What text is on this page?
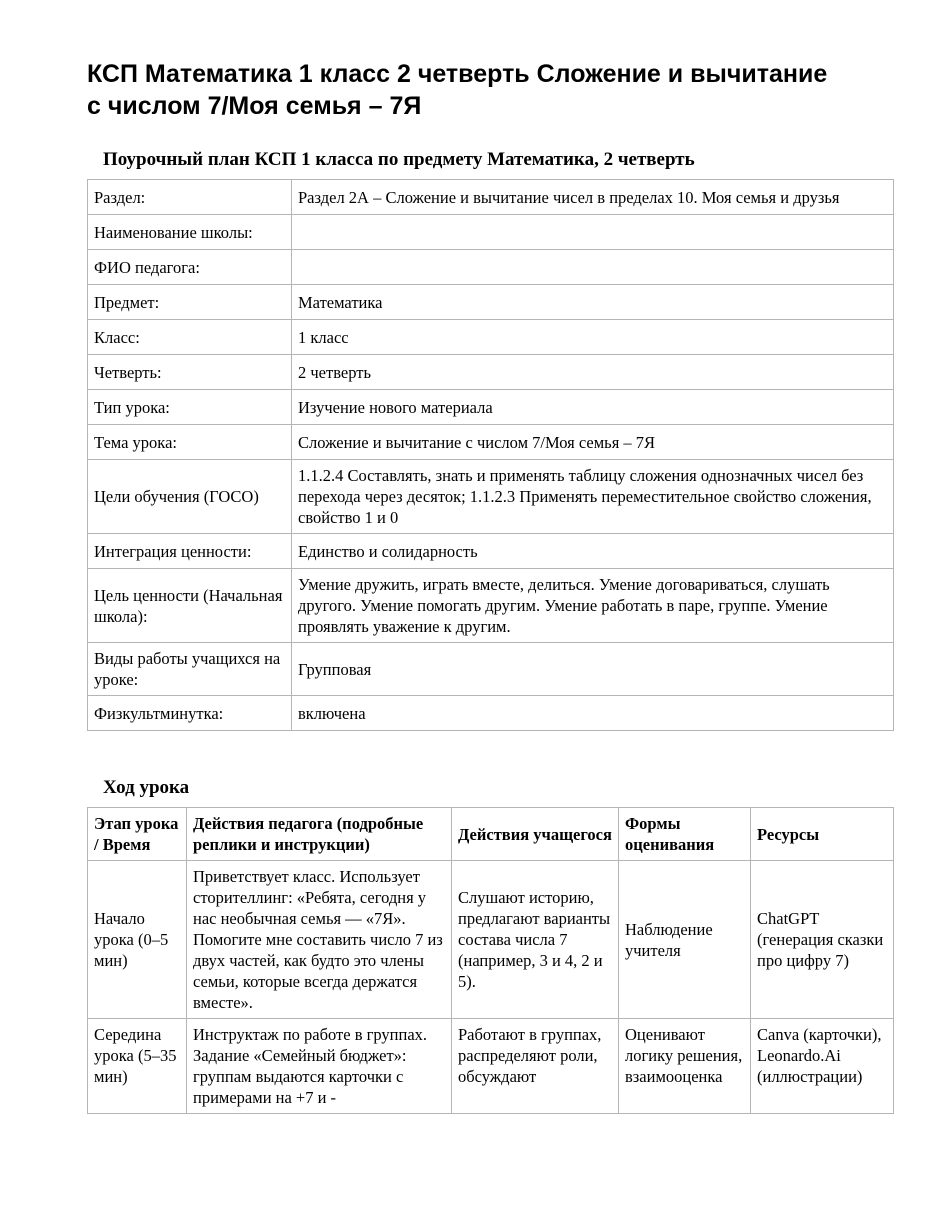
КСП Математика 1 класс 2 четверть Сложение и вычитание с числом 7/Моя семья – 7Я
Поурочный план КСП 1 класса по предмету Математика, 2 четверть
Раздел:	Раздел 2А – Сложение и вычитание чисел в пределах 10. Моя семья и друзья
Наименование школы:	
ФИО педагога:	
Предмет:	Математика
Класс:	1 класс
Четверть:	2 четверть
Тип урока:	Изучение нового материала
Тема урока:	Сложение и вычитание с числом 7/Моя семья – 7Я
Цели обучения (ГОСО)	1.1.2.4 Составлять, знать и применять таблицу сложения однозначных чисел без перехода через десяток; 1.1.2.3 Применять переместительное свойство сложения, свойство 1 и 0
Интеграция ценности:	Единство и солидарность
Цель ценности (Начальная школа):	Умение дружить, играть вместе, делиться. Умение договариваться, слушать другого. Умение помогать другим. Умение работать в паре, группе. Умение проявлять уважение к другим.
Виды работы учащихся на уроке:	Групповая
Физкультминутка:	включена
Ход урока
Этап урока / Время	Действия педагога (подробные реплики и инструкции)	Действия учащегося	Формы оценивания	Ресурсы
Начало урока (0–5 мин)	Приветствует класс. Использует сторителлинг: «Ребята, сегодня у нас необычная семья — «7Я». Помогите мне составить число 7 из двух частей, как будто это члены семьи, которые всегда держатся вместе».	Слушают историю, предлагают варианты состава числа 7 (например, 3 и 4, 2 и 5).	Наблюдение учителя	ChatGPT (генерация сказки про цифру 7)
Середина урока (5–35 мин)	Инструктаж по работе в группах. Задание «Семейный бюджет»: группам выдаются карточки с примерами на +7 и -	Работают в группах, распределяют роли, обсуждают	Оценивают логику решения, взаимооценка	Canva (карточки), Leonardo.Ai (иллюстрации)
